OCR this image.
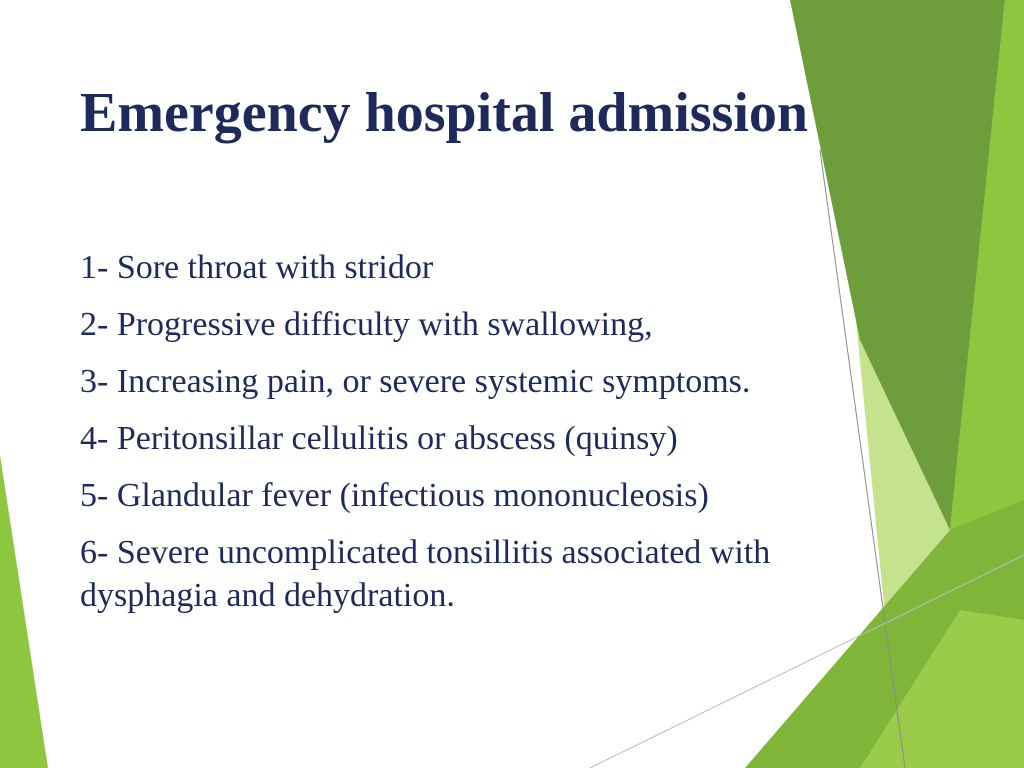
Emergency hospital admission
1- Sore throat with stridor
2- Progressive difficulty with swallowing,
3- Increasing pain, or severe systemic symptoms.
4- Peritonsillar cellulitis or abscess (quinsy)
5- Glandular fever (infectious mononucleosis)
6- Severe uncomplicated tonsillitis associated with dysphagia and dehydration.
